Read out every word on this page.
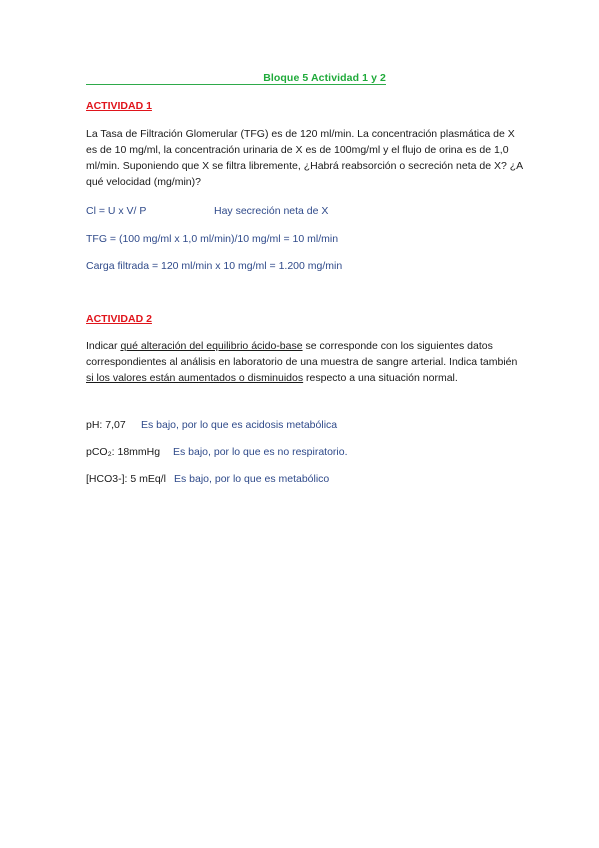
Bloque 5 Actividad 1 y 2
ACTIVIDAD 1
La Tasa de Filtración Glomerular (TFG) es de 120 ml/min. La concentración plasmática de X es de 10 mg/ml, la concentración urinaria de X es de 100mg/ml y el flujo de orina es de 1,0 ml/min. Suponiendo que X se filtra libremente, ¿Habrá reabsorción o secreción neta de X? ¿A qué velocidad (mg/min)?
Cl = U x V/ P	Hay secreción neta de X
TFG = (100 mg/ml x 1,0 ml/min)/10 mg/ml = 10 ml/min
Carga filtrada = 120 ml/min x 10 mg/ml = 1.200 mg/min
ACTIVIDAD 2
Indicar qué alteración del equilibrio ácido-base se corresponde con los siguientes datos correspondientes al análisis en laboratorio de una muestra de sangre arterial. Indica también si los valores están aumentados o disminuidos respecto a una situación normal.
pH: 7,07 Es bajo, por lo que es acidosis metabólica
pCO₂: 18mmHg Es bajo, por lo que es no respiratorio.
[HCO3-]: 5 mEq/l Es bajo, por lo que es metabólico
